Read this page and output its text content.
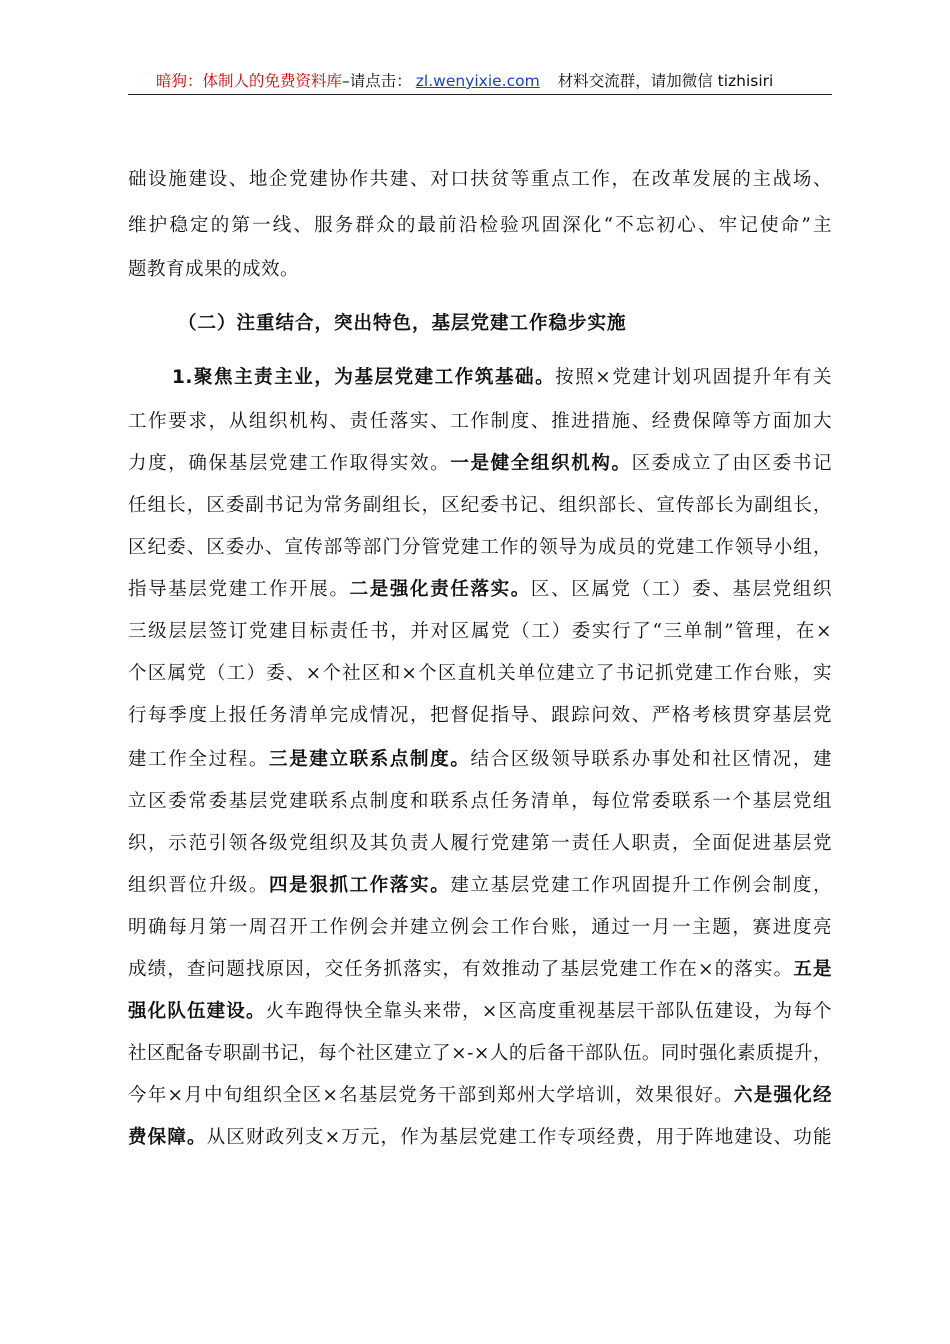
暗狗：体制人的免费资料库–请点击： zl.wenyixie.com 材料交流群，请加微信 tizhisiri
础设施建设、地企党建协作共建、对口扶贫等重点工作，在改革发展的主战场、
维护稳定的第一线、服务群众的最前沿检验巩固深化“不忘初心、牢记使命”主
题教育成果的成效。
（二）注重结合，突出特色，基层党建工作稳步实施
1.聚焦主责主业，为基层党建工作筑基础。按照×党建计划巩固提升年有关
工作要求，从组织机构、责任落实、工作制度、推进措施、经费保障等方面加大
力度，确保基层党建工作取得实效。一是健全组织机构。区委成立了由区委书记
任组长，区委副书记为常务副组长，区纪委书记、组织部长、宣传部长为副组长，
区纪委、区委办、宣传部等部门分管党建工作的领导为成员的党建工作领导小组，
指导基层党建工作开展。二是强化责任落实。区、区属党（工）委、基层党组织
三级层层签订党建目标责任书，并对区属党（工）委实行了“三单制”管理，在×
个区属党（工）委、×个社区和×个区直机关单位建立了书记抓党建工作台账，实
行每季度上报任务清单完成情况，把督促指导、跟踪问效、严格考核贯穿基层党
建工作全过程。三是建立联系点制度。结合区级领导联系办事处和社区情况，建
立区委常委基层党建联系点制度和联系点任务清单，每位常委联系一个基层党组
织，示范引领各级党组织及其负责人履行党建第一责任人职责，全面促进基层党
组织晋位升级。四是狠抓工作落实。建立基层党建工作巩固提升工作例会制度，
明确每月第一周召开工作例会并建立例会工作台账，通过一月一主题，赛进度亮
成绩，查问题找原因，交任务抓落实，有效推动了基层党建工作在×的落实。五是
强化队伍建设。火车跑得快全靠头来带，×区高度重视基层干部队伍建设，为每个
社区配备专职副书记，每个社区建立了×-×人的后备干部队伍。同时强化素质提升，
今年×月中旬组织全区×名基层党务干部到郑州大学培训，效果很好。六是强化经
费保障。从区财政列支×万元，作为基层党建工作专项经费，用于阵地建设、功能
